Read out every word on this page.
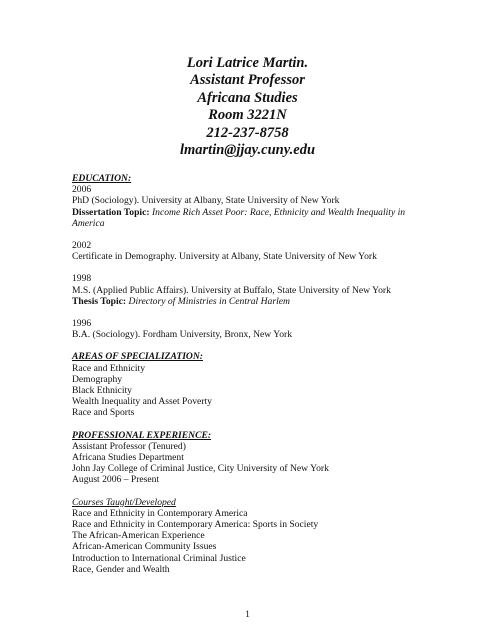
Lori Latrice Martin.
Assistant Professor
Africana Studies
Room 3221N
212-237-8758
lmartin@jjay.cuny.edu
EDUCATION:
2006
PhD (Sociology). University at Albany, State University of New York
Dissertation Topic: Income Rich Asset Poor: Race, Ethnicity and Wealth Inequality in America
2002
Certificate in Demography. University at Albany, State University of New York
1998
M.S. (Applied Public Affairs). University at Buffalo, State University of New York
Thesis Topic: Directory of Ministries in Central Harlem
1996
B.A. (Sociology). Fordham University, Bronx, New York
AREAS OF SPECIALIZATION:
Race and Ethnicity
Demography
Black Ethnicity
Wealth Inequality and Asset Poverty
Race and Sports
PROFESSIONAL EXPERIENCE:
Assistant Professor (Tenured)
Africana Studies Department
John Jay College of Criminal Justice, City University of New York
August 2006 – Present
Courses Taught/Developed
Race and Ethnicity in Contemporary America
Race and Ethnicity in Contemporary America: Sports in Society
The African-American Experience
African-American Community Issues
Introduction to International Criminal Justice
Race, Gender and Wealth
1
